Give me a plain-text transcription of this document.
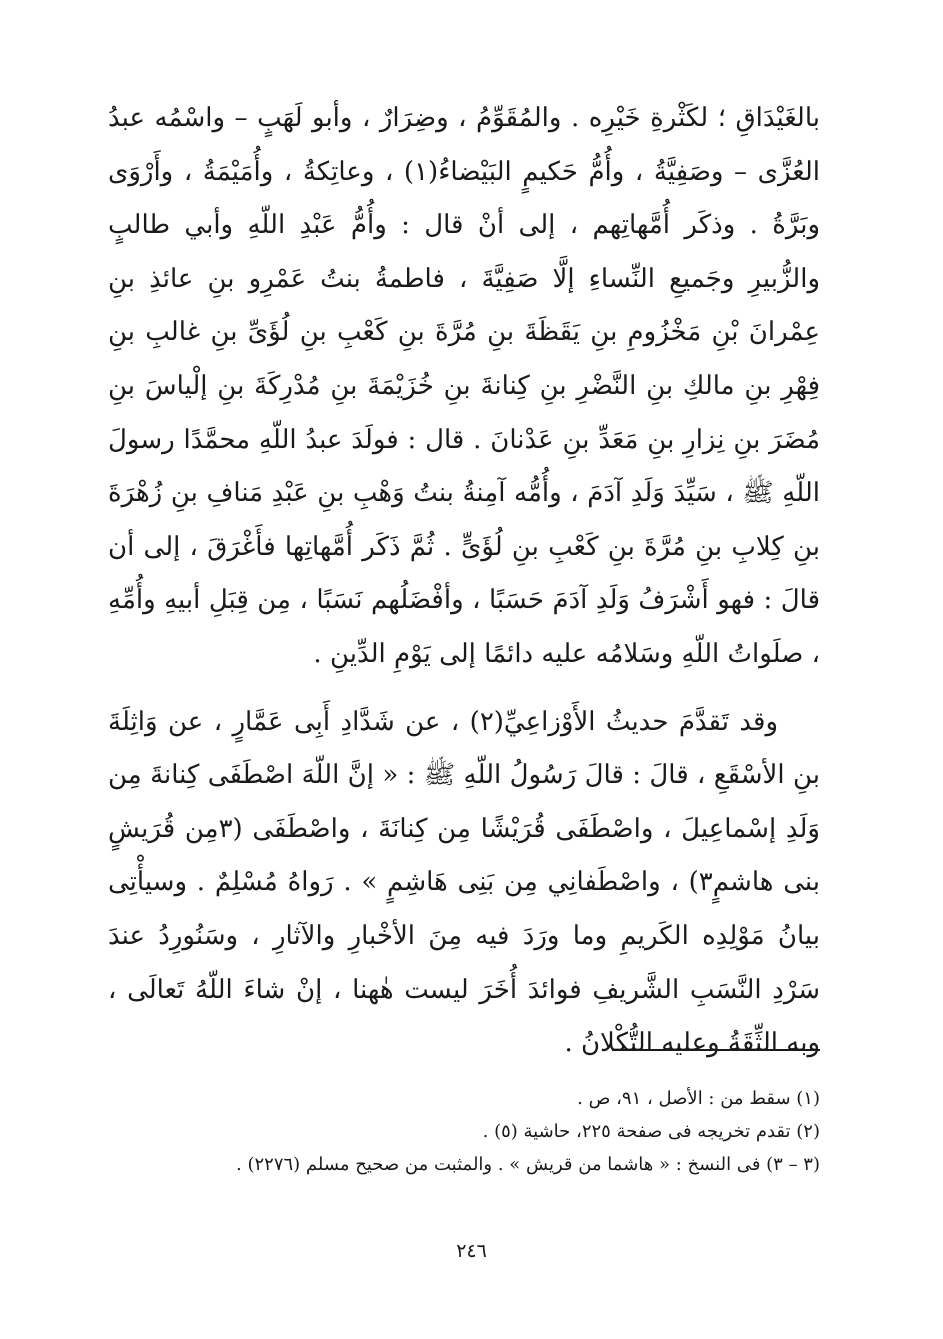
بالغَيْدَاقِ ؛ لكَثْرةِ خَيْرِه . والمُقَوِّمُ ، وضِرَارٌ ، وأبو لَهَبٍ – واسْمُه عبدُ العُزَّى – وصَفِيَّةُ ، وأُمُّ حَكيمٍ البَيْضاءُ(١) ، وعاتِكةُ ، وأُمَيْمَةُ ، وأَرْوَى وبَرَّةُ . وذكَر أُمَّهاتِهم ، إلى أنْ قال : وأُمُّ عَبْدِ اللّهِ وأبي طالبٍ والزُّبيرِ وجَميعِ النِّساءِ إلَّا صَفِيَّةَ ، فاطمةُ بنتُ عَمْرِو بنِ عائذِ بنِ عِمْرانَ بْنِ مَخْزُومِ بنِ يَقَظَةَ بنِ مُرَّةَ بنِ كَعْبِ بنِ لُؤَىِّ بنِ غالبِ بنِ فِهْرِ بنِ مالكِ بنِ النَّضْرِ بنِ كِنانةَ بنِ خُزَيْمَةَ بنِ مُدْرِكَةَ بنِ إلْياسَ بنِ مُضَرَ بنِ نِزارِ بنِ مَعَدِّ بنِ عَدْنانَ . قال : فولَدَ عبدُ اللّهِ محمَّدًا رسولَ اللّهِ ﷺ ، سَيِّدَ وَلَدِ آدَمَ ، وأُمُّه آمِنةُ بنتُ وَهْبِ بنِ عَبْدِ مَنافِ بنِ زُهْرَةَ بنِ كِلابِ بنِ مُرَّةَ بنِ كَعْبِ بنِ لُؤَىٍّ . ثُمَّ ذَكَر أُمَّهاتِها فأَغْرَقَ ، إلى أن قالَ : فهو أَشْرَفُ وَلَدِ آدَمَ حَسَبًا ، وأفْضَلُهم نَسَبًا ، مِن قِبَلِ أبيهِ وأُمِّهِ ، صلَواتُ اللّهِ وسَلامُه عليه دائمًا إلى يَوْمِ الدِّينِ .

وقد تَقدَّمَ حديثُ الأَوْزاعِيِّ(٢) ، عن شَدَّادِ أَبِى عَمَّارٍ ، عن وَاثِلَةَ بنِ الأسْقَعِ ، قالَ : قالَ رَسُولُ اللّهِ ﷺ : « إنَّ اللّهَ اصْطَفَى كِنانةَ مِن وَلَدِ إسْماعِيلَ ، واصْطَفَى قُرَيْشًا مِن كِنانَةَ ، واصْطَفَى (٣مِن قُرَيشٍ بنى هاشمٍ٣) ، واصْطَفانِي مِن بَنِى هَاشِمٍ » . رَواهُ مُسْلِمٌ . وسيأْتِى بيانُ مَوْلِدِه الكَريمِ وما ورَدَ فيه مِنَ الأخْبارِ والآثارِ ، وسَنُورِدُ عندَ سَرْدِ النَّسَبِ الشَّريفِ فوائدَ أُخَرَ ليست هٰهنا ، إنْ شاءَ اللّهُ تَعالَى ، وبه الثِّقَةُ وعليه التُّكْلانُ .

(١) سقط من : الأصل ، ٩١، ص .

(٢) تقدم تخريجه فى صفحة ٢٢٥، حاشية (٥) .

(٣ – ٣) فى النسخ : « هاشما من قريش » . والمثبت من صحيح مسلم (٢٢٧٦) .

٢٤٦
